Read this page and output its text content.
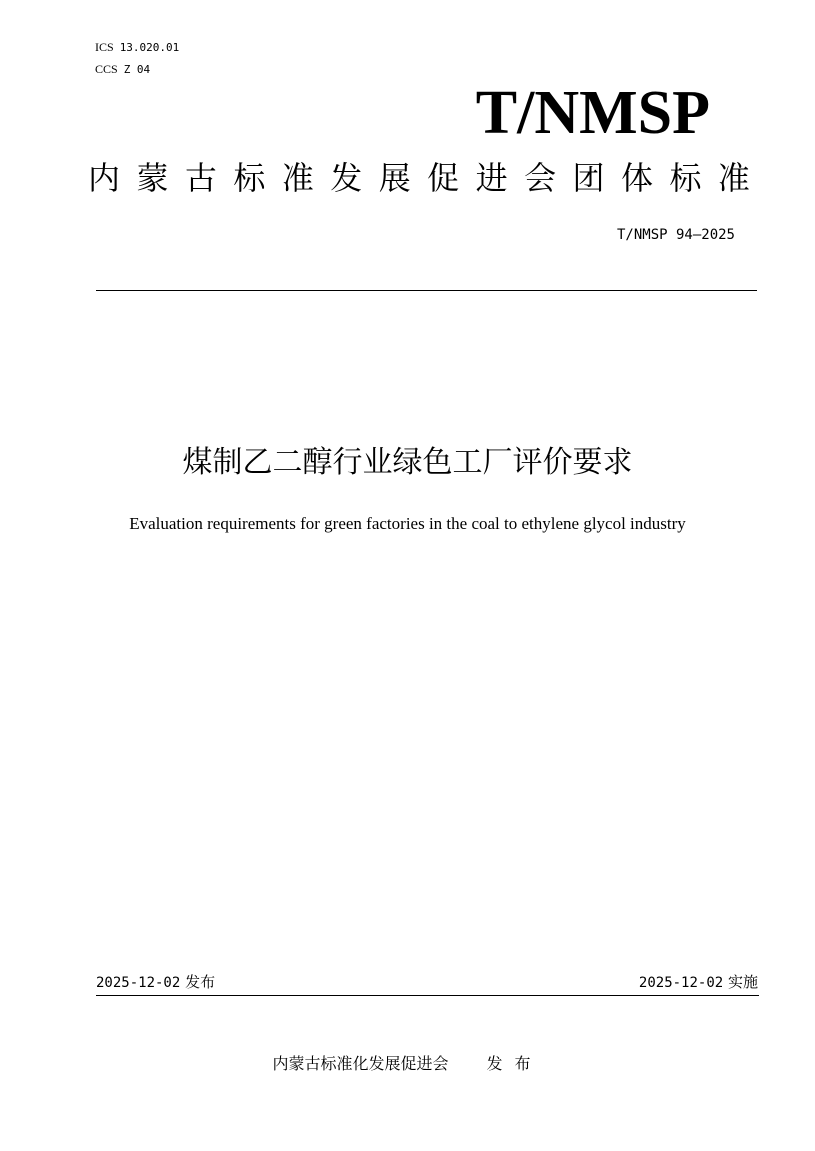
ICS 13.020.01
CCS Z 04
T/NMSP
内 蒙 古 标 准 发 展 促 进 会 团 体 标 准
T/NMSP 94—2025
煤制乙二醇行业绿色工厂评价要求
Evaluation requirements for green factories in the coal to ethylene glycol industry
2025-12-02 发布	2025-12-02 实施
内蒙古标准化发展促进会 发布
